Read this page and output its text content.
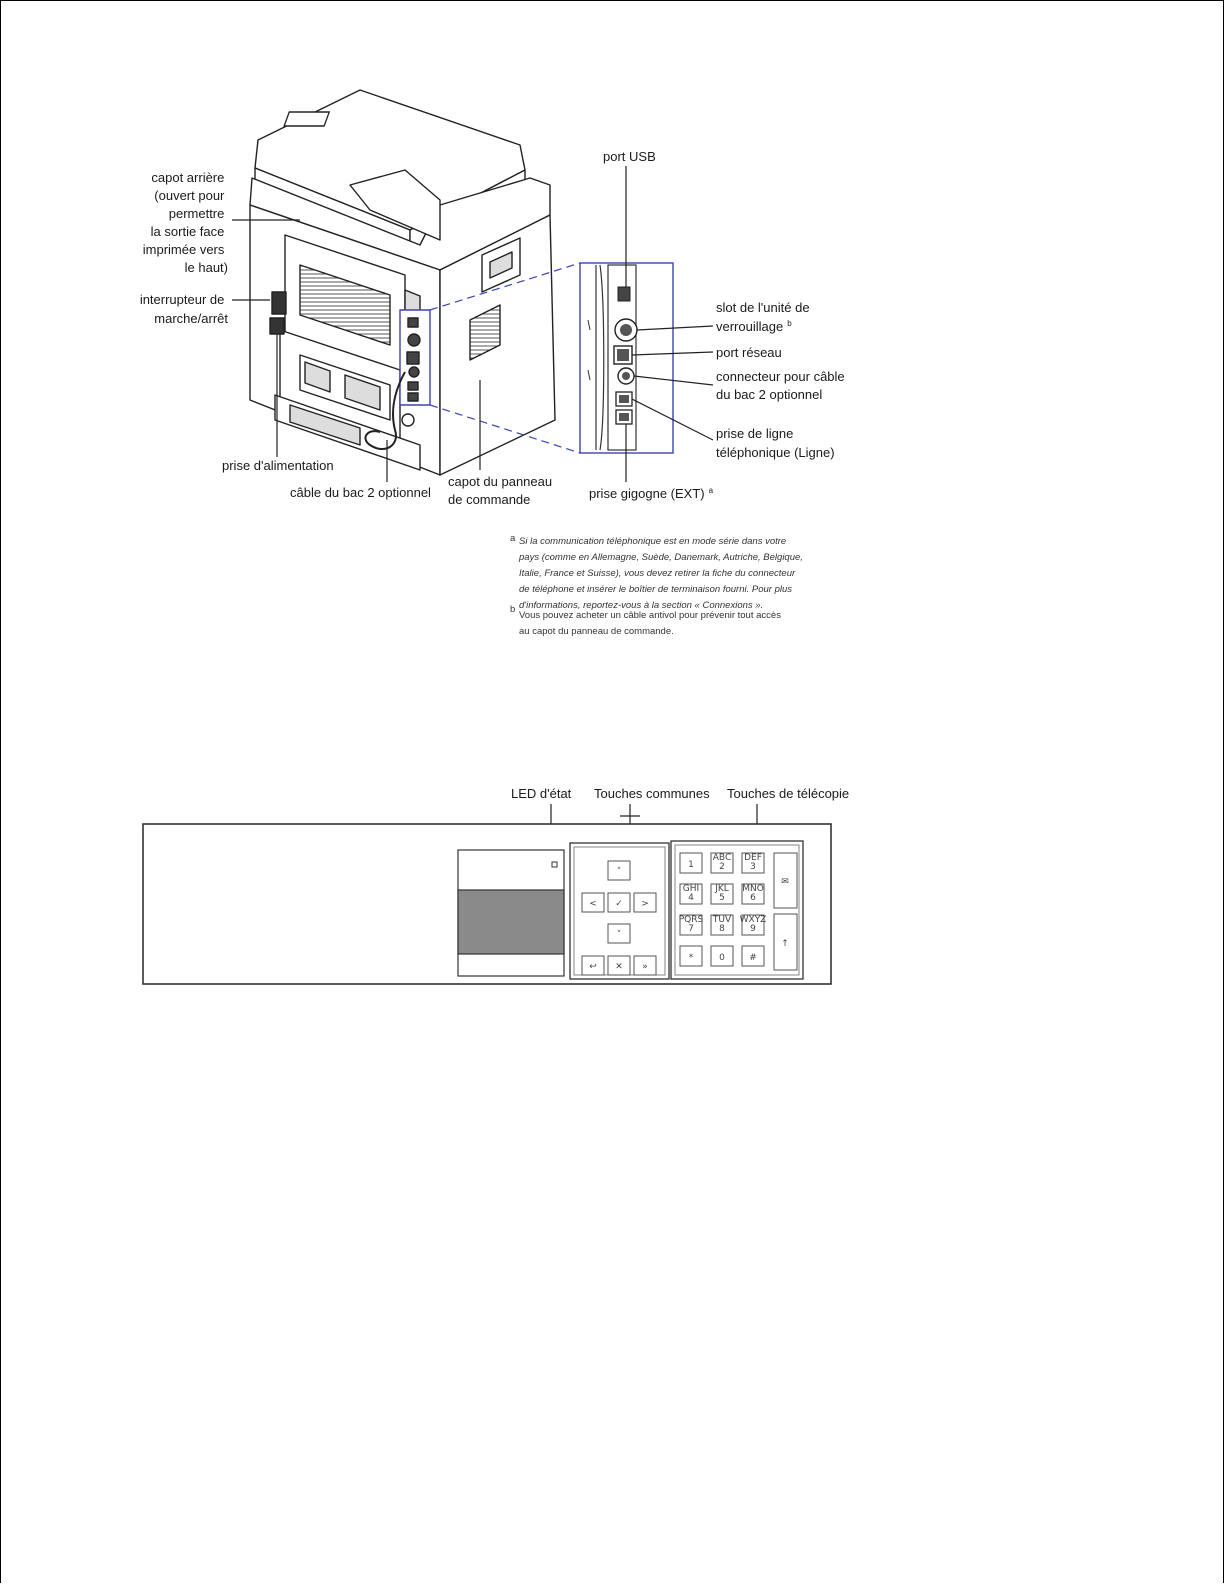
capot arrière (ouvert pour permettre la sortie face imprimée vers le haut)
interrupteur de marche/arrêt
prise d'alimentation
câble du bac 2 optionnel
capot du panneau de commande
port USB
slot de l'unité de verrouillage $^b$
port réseau
connecteur pour câble du bac 2 optionnel
prise de ligne téléphonique (Ligne)
prise gigogne (EXT) $^a$
a Si la communication téléphonique est en mode série dans votre pays (comme en Allemagne, Suède, Danemark, Autriche, Belgique, Italie, France et Suisse), vous devez retirer la fiche du connecteur de téléphone et insérer le boîtier de terminaison fourni. Pour plus d'informations, reportez-vous à la section « Connexions ».
b
Vous pouvez acheter un câble antivol pour prévenir tout accès au capot du panneau de commande.
LED d'état Touches communes Touches de télécopie
˄
< ✓ >
˅
↩ ✕ »
1
ABC
2
DEF
3
GHI
4
JKL
5
MNO
6
PQRS
7
TUV
8
WXYZ
9
*	0	#
✉
↑
